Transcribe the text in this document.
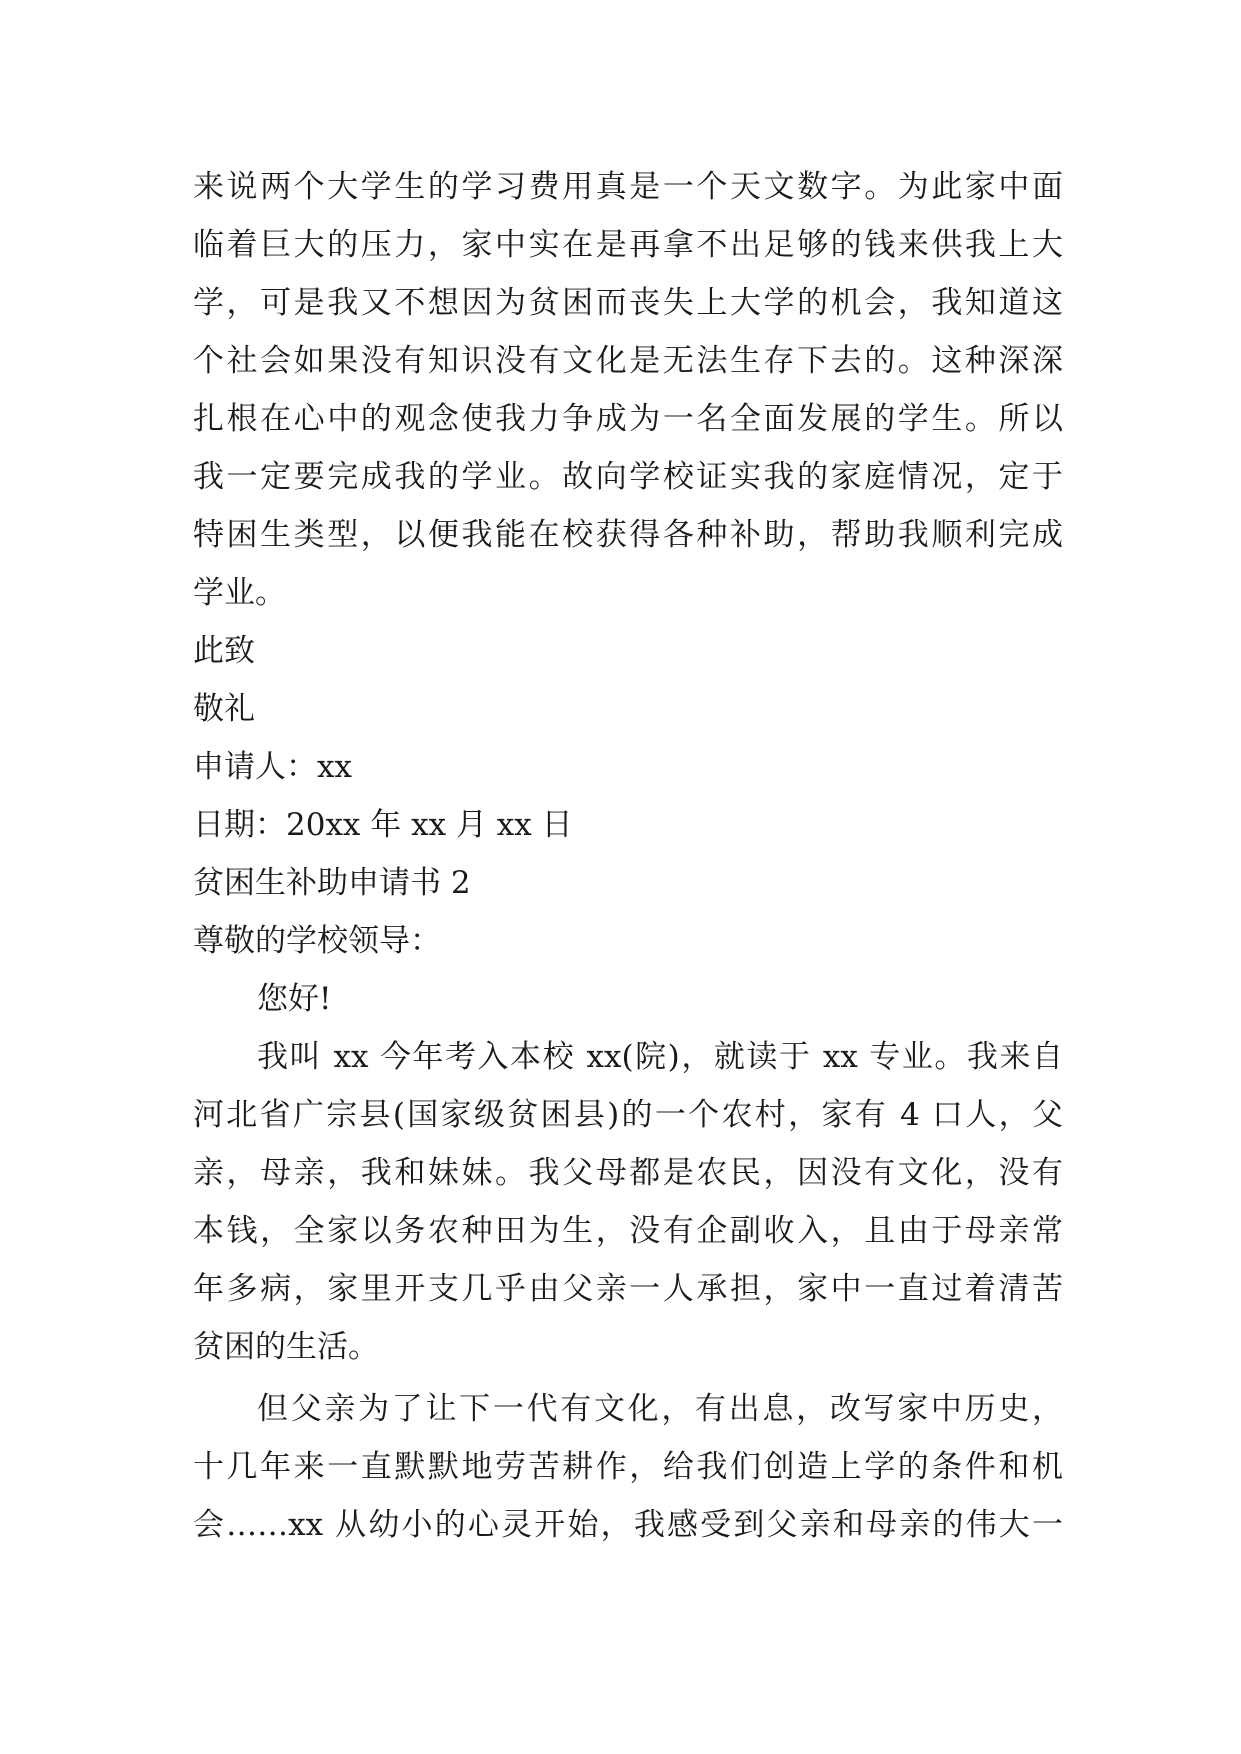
来说两个大学生的学习费用真是一个天文数字。为此家中面
临着巨大的压力，家中实在是再拿不出足够的钱来供我上大
学，可是我又不想因为贫困而丧失上大学的机会，我知道这
个社会如果没有知识没有文化是无法生存下去的。这种深深
扎根在心中的观念使我力争成为一名全面发展的学生。所以
我一定要完成我的学业。故向学校证实我的家庭情况，定于
特困生类型，以便我能在校获得各种补助，帮助我顺利完成
学业。
此致
敬礼
申请人：xx
日期：20xx 年 xx 月 xx 日
贫困生补助申请书 2
尊敬的学校领导：
您好!
我叫 xx 今年考入本校 xx(院)，就读于 xx 专业。我来自
河北省广宗县(国家级贫困县)的一个农村，家有 4 口人，父
亲，母亲，我和妹妹。我父母都是农民，因没有文化，没有
本钱，全家以务农种田为生，没有企副收入，且由于母亲常
年多病，家里开支几乎由父亲一人承担，家中一直过着清苦
贫困的生活。
但父亲为了让下一代有文化，有出息，改写家中历史，
十几年来一直默默地劳苦耕作，给我们创造上学的条件和机
会……xx 从幼小的心灵开始，我感受到父亲和母亲的伟大一
